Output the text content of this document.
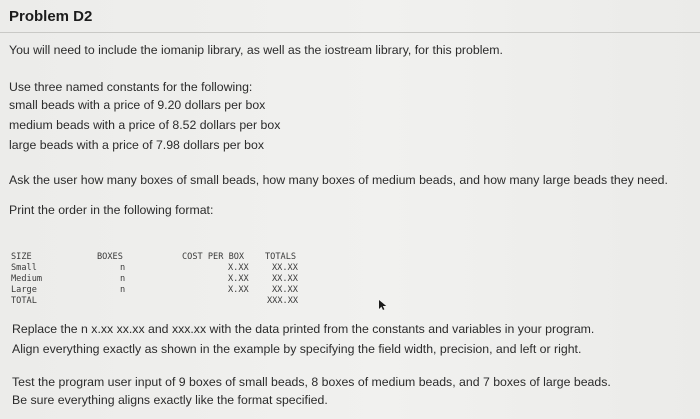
Problem D2
You will need to include the iomanip library, as well as the iostream library, for this problem.
Use three named constants for the following:
small beads with a price of 9.20 dollars per box
medium beads with a price of 8.52 dollars per box
large beads with a price of 7.98 dollars per box
Ask the user how many boxes of small beads, how many boxes of medium beads, and how many large beads they need.
Print the order in the following format:
SIZE
Small
Medium
Large
TOTAL
BOXES
n
n
n
COST PER BOX
X.XX
X.XX
X.XX
TOTALS
XX.XX
XX.XX
XX.XX
XXX.XX
Replace the n x.xx xx.xx and xxx.xx with the data printed from the constants and variables in your program.
Align everything exactly as shown in the example by specifying the field width, precision, and left or right.
Test the program user input of 9 boxes of small beads, 8 boxes of medium beads, and 7 boxes of large beads.
Be sure everything aligns exactly like the format specified.
